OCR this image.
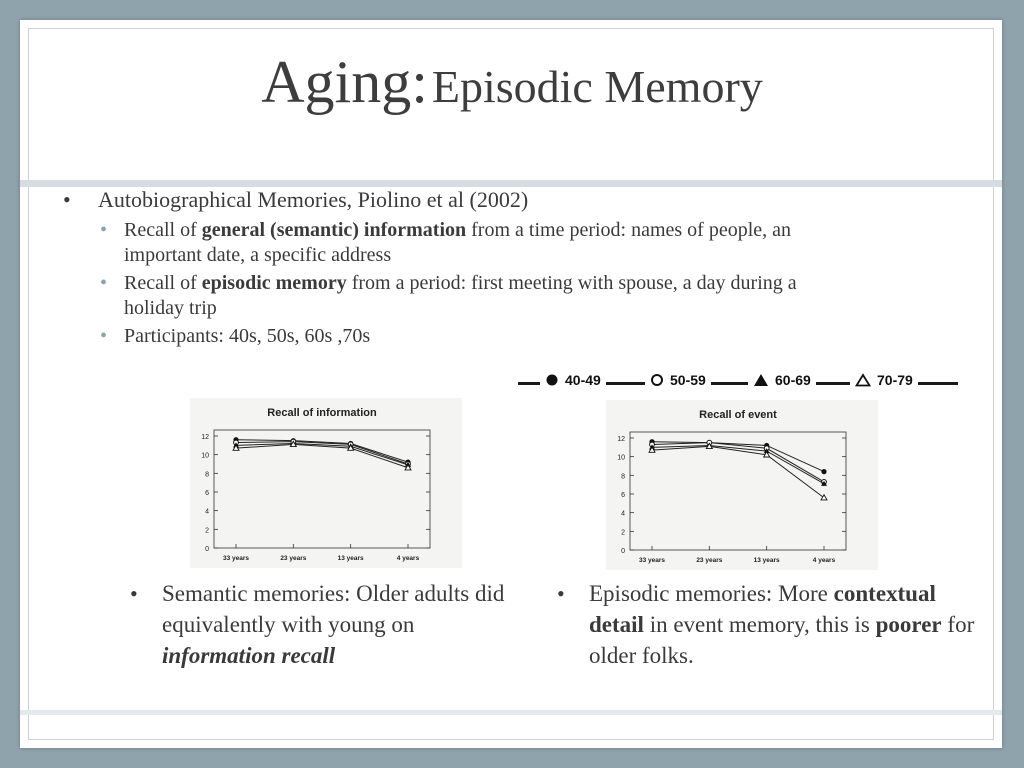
Aging: Episodic Memory
• Autobiographical Memories, Piolino et al (2002)
• Recall of general (semantic) information from a time period: names of people, an important date, a specific address
• Recall of episodic memory from a period: first meeting with spouse, a day during a holiday trip
• Participants: 40s, 50s, 60s ,70s
40-49	50-59	60-69	70-79
Recall of information
0
2
4
6
8
10
12
33 years	23 years	13 years	4 years
Recall of event
0
2
4
6
8
10
12
33 years	23 years	13 years	4 years
•	Semantic memories: Older adults did equivalently with young on information recall
•	Episodic memories: More contextual detail in event memory, this is poorer for older folks.
